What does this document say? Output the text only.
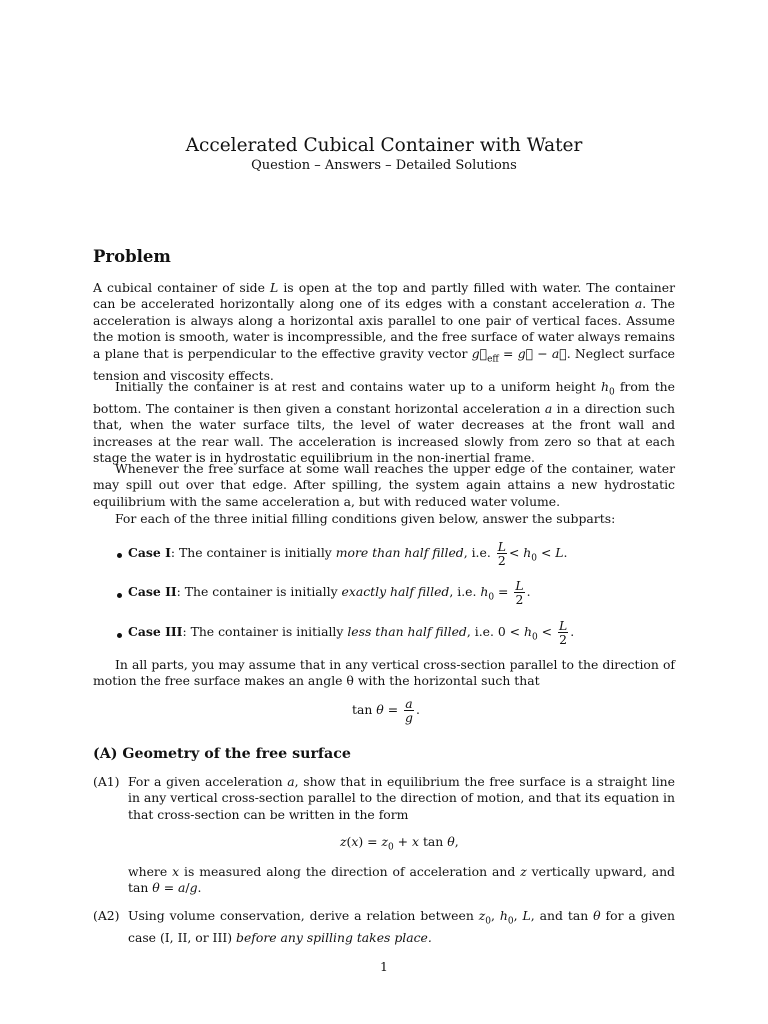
Accelerated Cubical Container with Water
Question – Answers – Detailed Solutions
Problem

A cubical container of side L is open at the top and partly filled with water. The container can be accelerated horizontally along one of its edges with a constant acceleration a. The acceleration is always along a horizontal axis parallel to one pair of vertical faces. Assume the motion is smooth, water is incompressible, and the free surface of water always remains a plane that is perpendicular to the effective gravity vector $g⃗_{eff}$ = g⃗ − a⃗. Neglect surface tension and viscosity effects.

Initially the container is at rest and contains water up to a uniform height $h_0$ from the bottom. The container is then given a constant horizontal acceleration a in a direction such that, when the water surface tilts, the level of water decreases at the front wall and increases at the rear wall. The acceleration is increased slowly from zero so that at each stage the water is in hydrostatic equilibrium in the non-inertial frame.

Whenever the free surface at some wall reaches the upper edge of the container, water may spill out over that edge. After spilling, the system again attains a new hydrostatic equilibrium with the same acceleration a, but with reduced water volume.

For each of the three initial filling conditions given below, answer the subparts:

Case I: The container is initially more than half filled, i.e. $\frac{L}{2} < h_0 < L$.
Case II: The container is initially exactly half filled, i.e. $h_0 = \frac{L}{2}$ .
Case III: The container is initially less than half filled, i.e. $0 < h_0 < \frac{L}{2}$ .

In all parts, you may assume that in any vertical cross-section parallel to the direction of motion the free surface makes an angle θ with the horizontal such that

$\tan \theta = \frac{a}{g}$ .
(A) Geometry of the free surface
(A1) For a given acceleration a, show that in equilibrium the free surface is a straight line in any vertical cross-section parallel to the direction of motion, and that its equation in that cross-section can be written in the form
$z(x) = z_0 + x$ tan θ,
where x is measured along the direction of acceleration and z vertically upward, and tan θ = a/g.
(A2) Using volume conservation, derive a relation between $z_0$, $h_0$, L, and tan θ for a given case (I, II, or III) before any spilling takes place.
1
